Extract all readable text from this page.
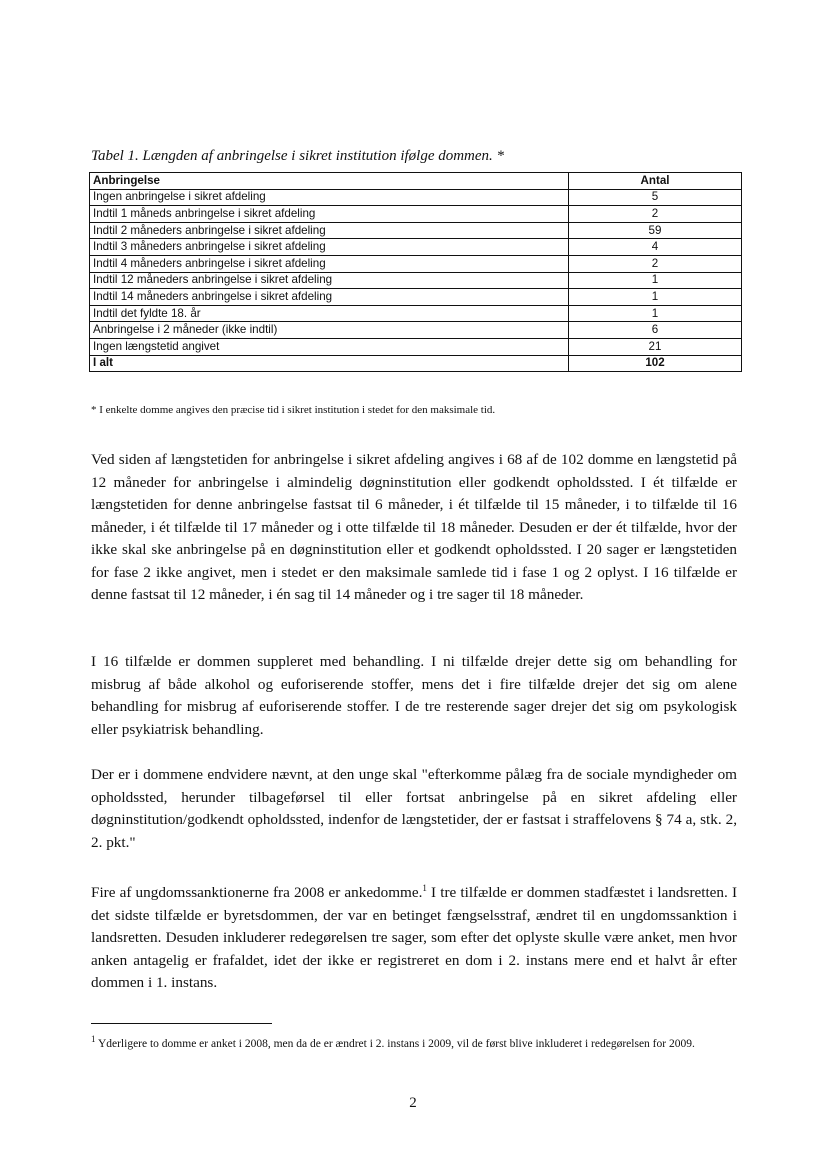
Tabel 1. Længden af anbringelse i sikret institution ifølge dommen. *
Anbringelse	Antal
Ingen anbringelse i sikret afdeling	5
Indtil 1 måneds anbringelse i sikret afdeling	2
Indtil 2 måneders anbringelse i sikret afdeling	59
Indtil 3 måneders anbringelse i sikret afdeling	4
Indtil 4 måneders anbringelse i sikret afdeling	2
Indtil 12 måneders anbringelse i sikret afdeling	1
Indtil 14 måneders anbringelse i sikret afdeling	1
Indtil det fyldte 18. år	1
Anbringelse i 2 måneder (ikke indtil)	6
Ingen længstetid angivet	21
I alt	102
* I enkelte domme angives den præcise tid i sikret institution i stedet for den maksimale tid.

Ved siden af længstetiden for anbringelse i sikret afdeling angives i 68 af de 102 domme en længstetid på 12 måneder for anbringelse i almindelig døgninstitution eller godkendt opholdssted. I ét tilfælde er længstetiden for denne anbringelse fastsat til 6 måneder, i ét tilfælde til 15 måneder, i to tilfælde til 16 måneder, i ét tilfælde til 17 måneder og i otte tilfælde til 18 måneder. Desuden er der ét tilfælde, hvor der ikke skal ske anbringelse på en døgninstitution eller et godkendt opholdssted. I 20 sager er længstetiden for fase 2 ikke angivet, men i stedet er den maksimale samlede tid i fase 1 og 2 oplyst. I 16 tilfælde er denne fastsat til 12 måneder, i én sag til 14 måneder og i tre sager til 18 måneder.

I 16 tilfælde er dommen suppleret med behandling. I ni tilfælde drejer dette sig om behandling for misbrug af både alkohol og euforiserende stoffer, mens det i fire tilfælde drejer det sig om alene behandling for misbrug af euforiserende stoffer. I de tre resterende sager drejer det sig om psykologisk eller psykiatrisk behandling.

Der er i dommene endvidere nævnt, at den unge skal "efterkomme pålæg fra de sociale myndigheder om opholdssted, herunder tilbageførsel til eller fortsat anbringelse på en sikret afdeling eller døgninstitution/godkendt opholdssted, indenfor de længstetider, der er fastsat i straffelovens § 74 a, stk. 2, 2. pkt."

Fire af ungdomssanktionerne fra 2008 er ankedomme.$^1$ I tre tilfælde er dommen stadfæstet i landsretten. I det sidste tilfælde er byretsdommen, der var en betinget fængselsstraf, ændret til en ungdomssanktion i landsretten. Desuden inkluderer redegørelsen tre sager, som efter det oplyste skulle være anket, men hvor anken antagelig er frafaldet, idet der ikke er registreret en dom i 2. instans mere end et halvt år efter dommen i 1. instans.

$^1$ Yderligere to domme er anket i 2008, men da de er ændret i 2. instans i 2009, vil de først blive inkluderet i redegørelsen for 2009.

2
